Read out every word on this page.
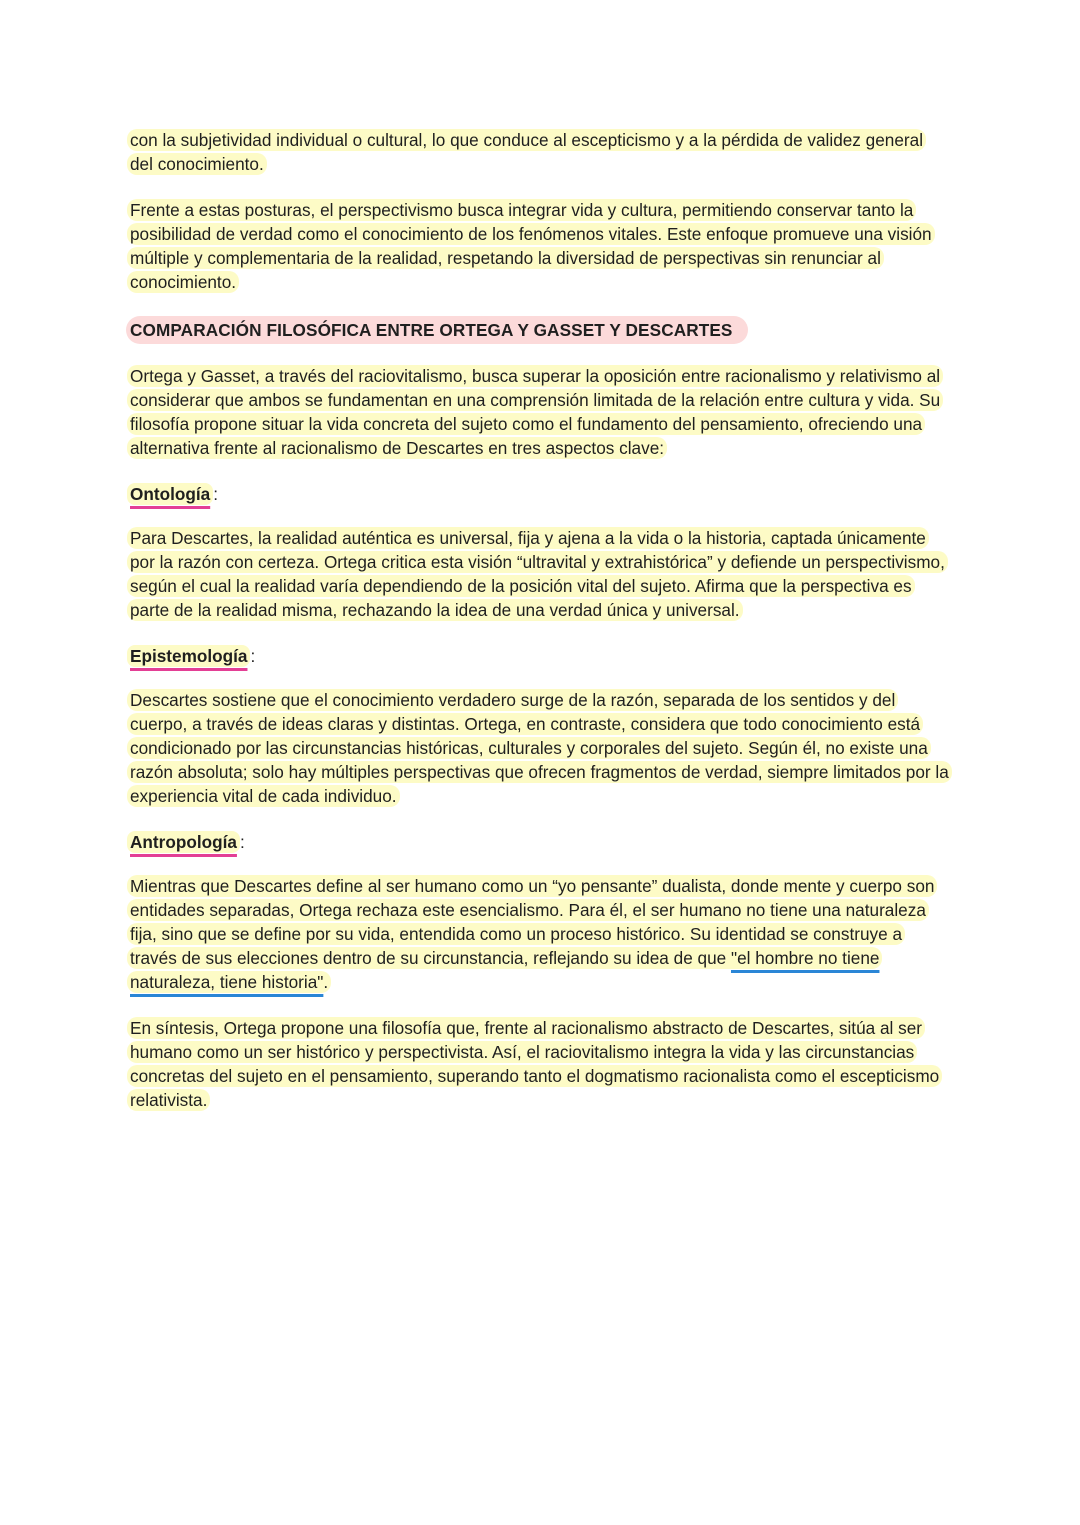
con la subjetividad individual o cultural, lo que conduce al escepticismo y a la pérdida de validez general del conocimiento.

Frente a estas posturas, el perspectivismo busca integrar vida y cultura, permitiendo conservar tanto la posibilidad de verdad como el conocimiento de los fenómenos vitales. Este enfoque promueve una visión múltiple y complementaria de la realidad, respetando la diversidad de perspectivas sin renunciar al conocimiento.

COMPARACIÓN FILOSÓFICA ENTRE ORTEGA Y GASSET Y DESCARTES

Ortega y Gasset, a través del raciovitalismo, busca superar la oposición entre racionalismo y relativismo al considerar que ambos se fundamentan en una comprensión limitada de la relación entre cultura y vida. Su filosofía propone situar la vida concreta del sujeto como el fundamento del pensamiento, ofreciendo una alternativa frente al racionalismo de Descartes en tres aspectos clave:

Ontología :

Para Descartes, la realidad auténtica es universal, fija y ajena a la vida o la historia, captada únicamente por la razón con certeza. Ortega critica esta visión “ultravital y extrahistórica” y defiende un perspectivismo, según el cual la realidad varía dependiendo de la posición vital del sujeto. Afirma que la perspectiva es parte de la realidad misma, rechazando la idea de una verdad única y universal.

Epistemología :

Descartes sostiene que el conocimiento verdadero surge de la razón, separada de los sentidos y del cuerpo, a través de ideas claras y distintas. Ortega, en contraste, considera que todo conocimiento está condicionado por las circunstancias históricas, culturales y corporales del sujeto. Según él, no existe una razón absoluta; solo hay múltiples perspectivas que ofrecen fragmentos de verdad, siempre limitados por la experiencia vital de cada individuo.

Antropología :

Mientras que Descartes define al ser humano como un “yo pensante” dualista, donde mente y cuerpo son entidades separadas, Ortega rechaza este esencialismo. Para él, el ser humano no tiene una naturaleza fija, sino que se define por su vida, entendida como un proceso histórico. Su identidad se construye a través de sus elecciones dentro de su circunstancia, reflejando su idea de que "el hombre no tiene naturaleza, tiene historia".

En síntesis, Ortega propone una filosofía que, frente al racionalismo abstracto de Descartes, sitúa al ser humano como un ser histórico y perspectivista. Así, el raciovitalismo integra la vida y las circunstancias concretas del sujeto en el pensamiento, superando tanto el dogmatismo racionalista como el escepticismo relativista.
